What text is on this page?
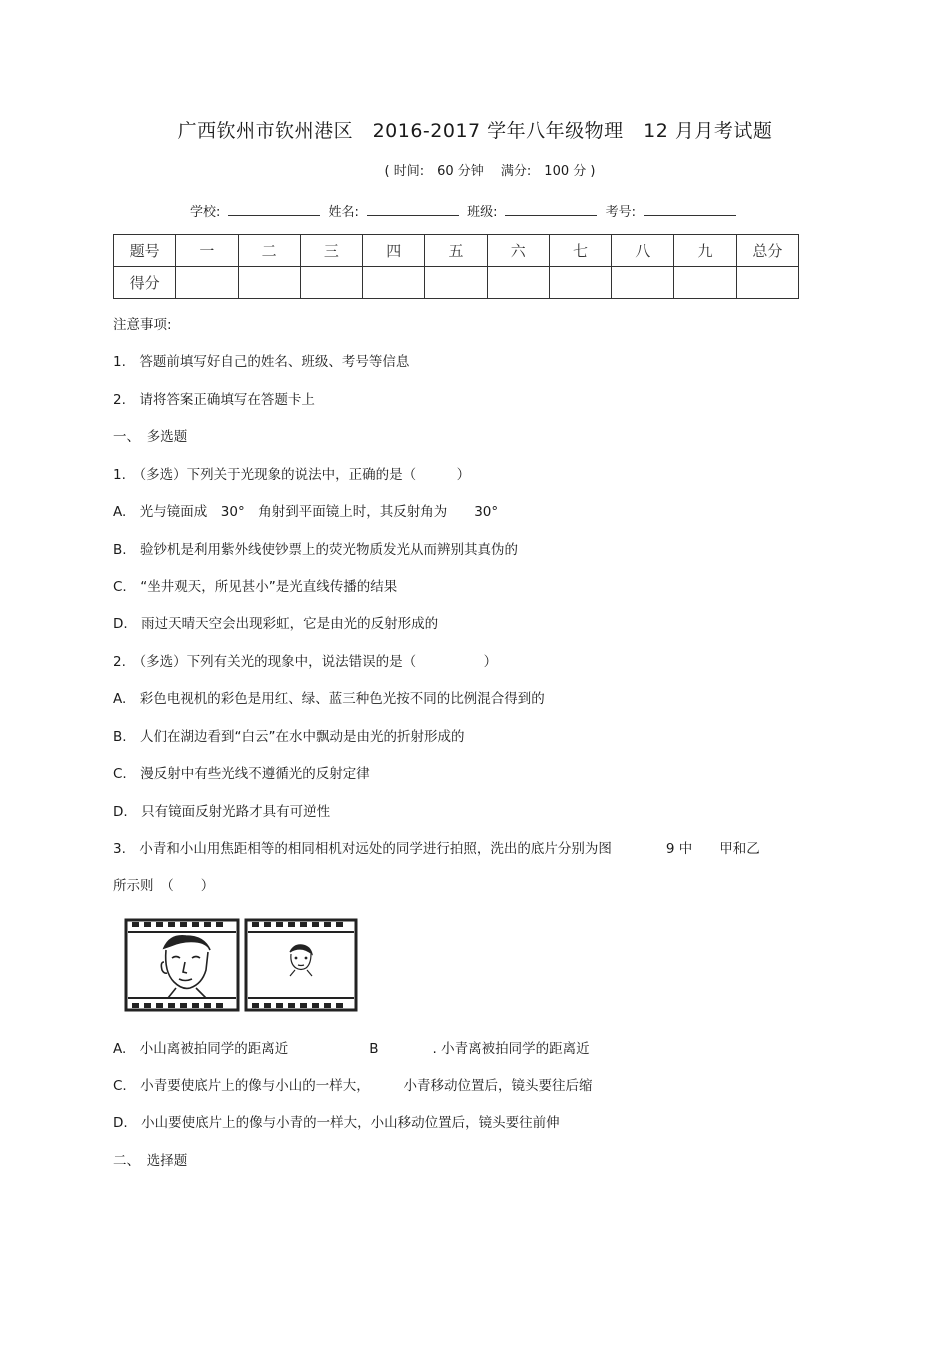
广西钦州市钦州港区　2016-2017 学年八年级物理　12 月月考试题
( 时间:　60 分钟　 满分:　100 分 )
学校:	姓名:	班级:	考号:
题号	一	二	三	四	五	六	七	八	九	总分
得分										
注意事项:
1.　答题前填写好自己的姓名、班级、考号等信息
2.　请将答案正确填写在答题卡上
一、　多选题
1.　（多选）下列关于光现象的说法中，正确的是（　　　）
A.　光与镜面成　30°　角射到平面镜上时，其反射角为　　30°
B.　验钞机是利用紫外线使钞票上的荧光物质发光从而辨别其真伪的
C.　“坐井观天，所见甚小”是光直线传播的结果
D.　雨过天晴天空会出现彩虹，它是由光的反射形成的
2.　（多选）下列有关光的现象中，说法错误的是（　　　　　）
A.　彩色电视机的彩色是用红、绿、蓝三种色光按不同的比例混合得到的
B.　人们在湖边看到“白云”在水中飘动是由光的折射形成的
C.　漫反射中有些光线不遵循光的反射定律
D.　只有镜面反射光路才具有可逆性
3.　小青和小山用焦距相等的相同相机对远处的同学进行拍照，洗出的底片分别为图　　　　9 中　　甲和乙
所示则　（　　）
A.　小山离被拍同学的距离近　　　　　　B　　　　. 小青离被拍同学的距离近
C.　小青要使底片上的像与小山的一样大，　　　小青移动位置后，镜头要往后缩
D.　小山要使底片上的像与小青的一样大，小山移动位置后，镜头要往前伸
二、　选择题
